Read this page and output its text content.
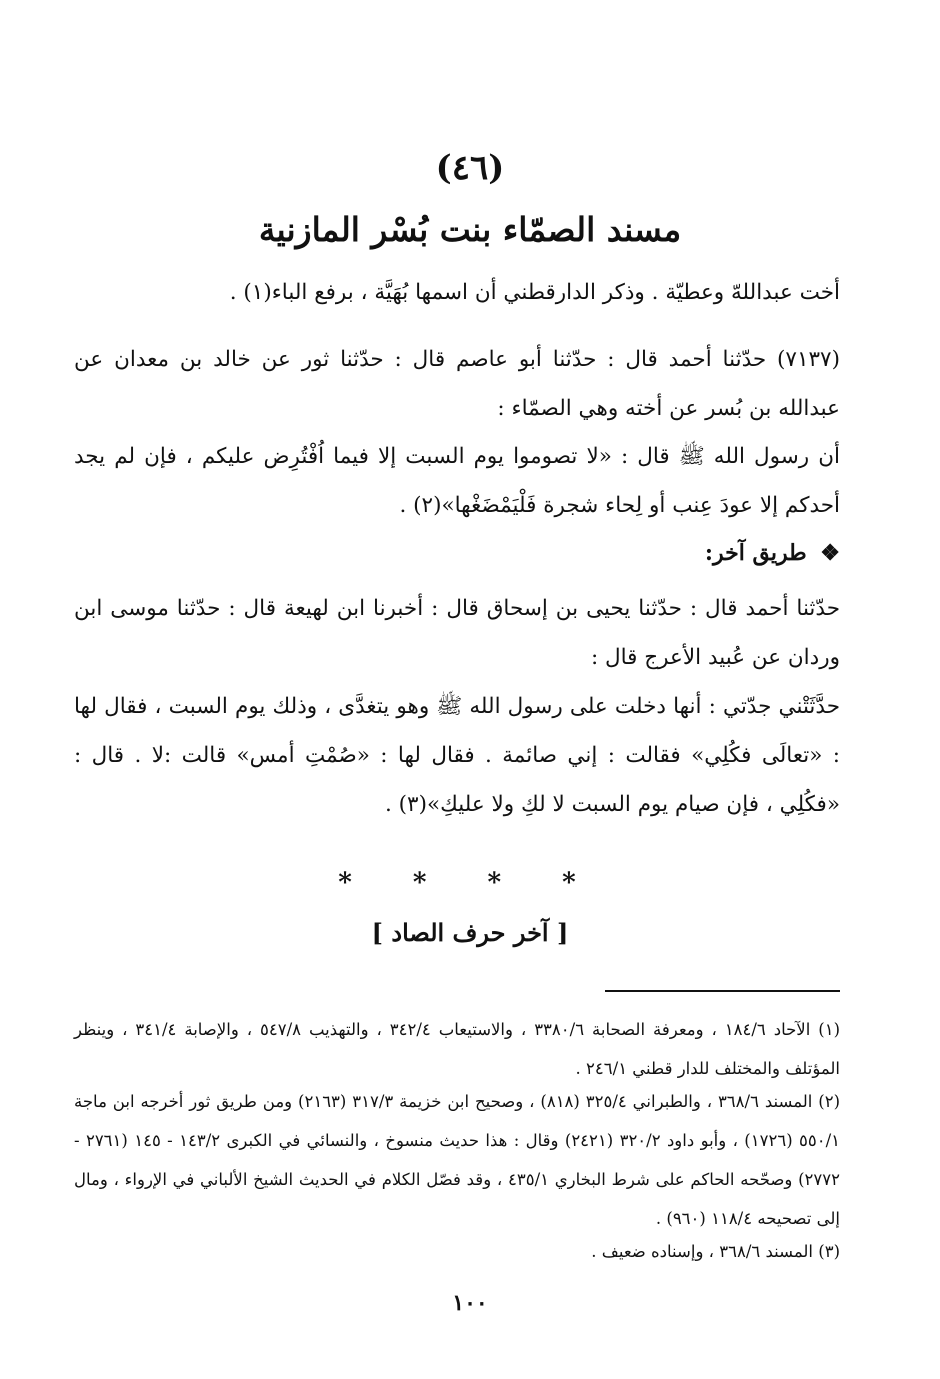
(٤٦)
مسند الصمّاء بنت بُسْر المازنية

أخت عبداللهّ وعطيّة . وذكر الدارقطني أن اسمها بُهَيَّة ، برفع الباء(١) .

(٧١٣٧) حدّثنا أحمد قال : حدّثنا أبو عاصم قال : حدّثنا ثور عن خالد بن معدان عن عبدالله بن بُسر عن أخته وهي الصمّاء :

أن رسول الله ﷺ قال : «لا تصوموا يوم السبت إلا فيما اُفْتُرِض عليكم ، فإن لم يجد أحدكم إلا عودَ عِنب أو لِحاء شجرة فَلْيَمْضَغْها»(٢) .

❖ طريق آخر:

حدّثنا أحمد قال : حدّثنا يحيى بن إسحاق قال : أخبرنا ابن لهيعة قال : حدّثنا موسى ابن وردان عن عُبيد الأعرج قال :

حدَّثَتْني جدّتي : أنها دخلت على رسول الله ﷺ وهو يتغدَّى ، وذلك يوم السبت ، فقال لها : «تعالَى فكُلِي» فقالت : إني صائمة . فقال لها : «صُمْتِ أمس» قالت :لا . قال : «فكُلِي ، فإن صيام يوم السبت لا لكِ ولا عليكِ»(٣) .

* * * *
[ آخر حرف الصاد ]

(١) الآحاد ١٨٤/٦ ، ومعرفة الصحابة ٣٣٨٠/٦ ، والاستيعاب ٣٤٢/٤ ، والتهذيب ٥٤٧/٨ ، والإصابة ٣٤١/٤ ، وينظر المؤتلف والمختلف للدار قطني ٢٤٦/١ .

(٢) المسند ٣٦٨/٦ ، والطبراني ٣٢٥/٤ (٨١٨) ، وصحيح ابن خزيمة ٣١٧/٣ (٢١٦٣) ومن طريق ثور أخرجه ابن ماجة ٥٥٠/١ (١٧٢٦) ، وأبو داود ٣٢٠/٢ (٢٤٢١) وقال : هذا حديث منسوخ ، والنسائي في الكبرى ١٤٣/٢ - ١٤٥ (٢٧٦١ - ٢٧٧٢) وصحّحه الحاكم على شرط البخاري ٤٣٥/١ ، وقد فصّل الكلام في الحديث الشيخ الألباني في الإرواء ، ومال إلى تصحيحه ١١٨/٤ (٩٦٠) .

(٣) المسند ٣٦٨/٦ ، وإسناده ضعيف .

١٠٠
